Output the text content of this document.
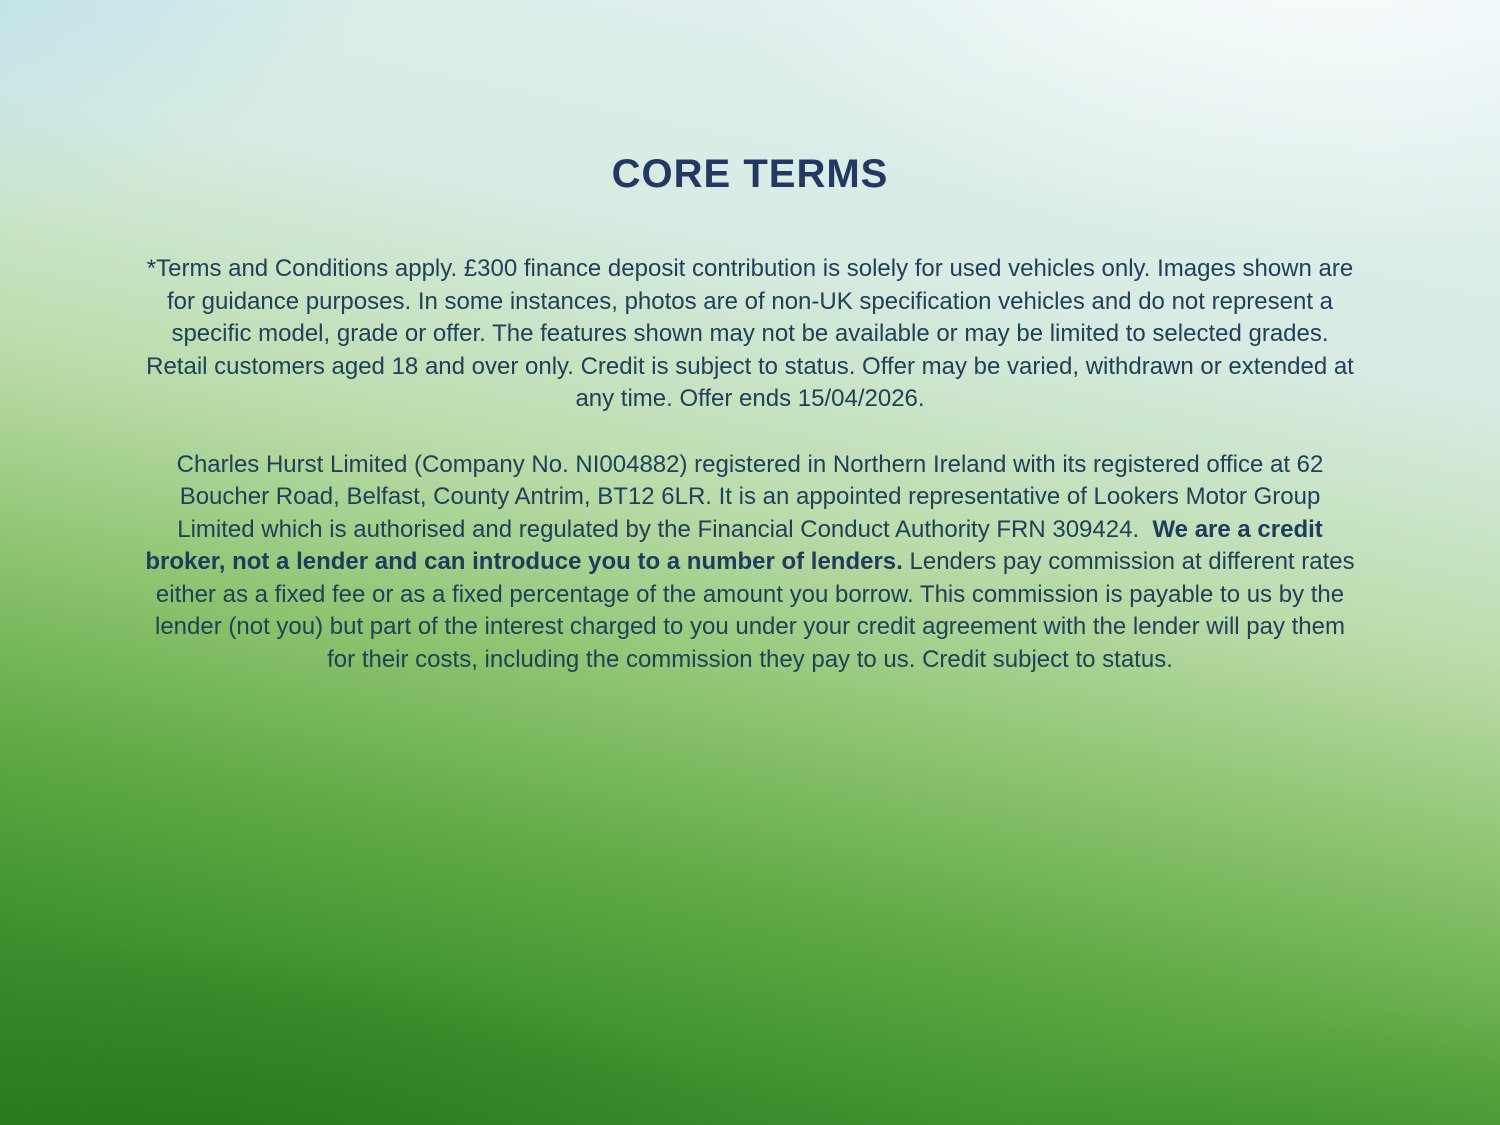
CORE TERMS

*Terms and Conditions apply. £300 finance deposit contribution is solely for used vehicles only. Images shown are for guidance purposes. In some instances, photos are of non-UK specification vehicles and do not represent a specific model, grade or offer. The features shown may not be available or may be limited to selected grades. Retail customers aged 18 and over only. Credit is subject to status. Offer may be varied, withdrawn or extended at any time. Offer ends 15/04/2026.

Charles Hurst Limited (Company No. NI004882) registered in Northern Ireland with its registered office at 62 Boucher Road, Belfast, County Antrim, BT12 6LR. It is an appointed representative of Lookers Motor Group Limited which is authorised and regulated by the Financial Conduct Authority FRN 309424.  We are a credit broker, not a lender and can introduce you to a number of lenders. Lenders pay commission at different rates either as a fixed fee or as a fixed percentage of the amount you borrow. This commission is payable to us by the lender (not you) but part of the interest charged to you under your credit agreement with the lender will pay them for their costs, including the commission they pay to us. Credit subject to status.
